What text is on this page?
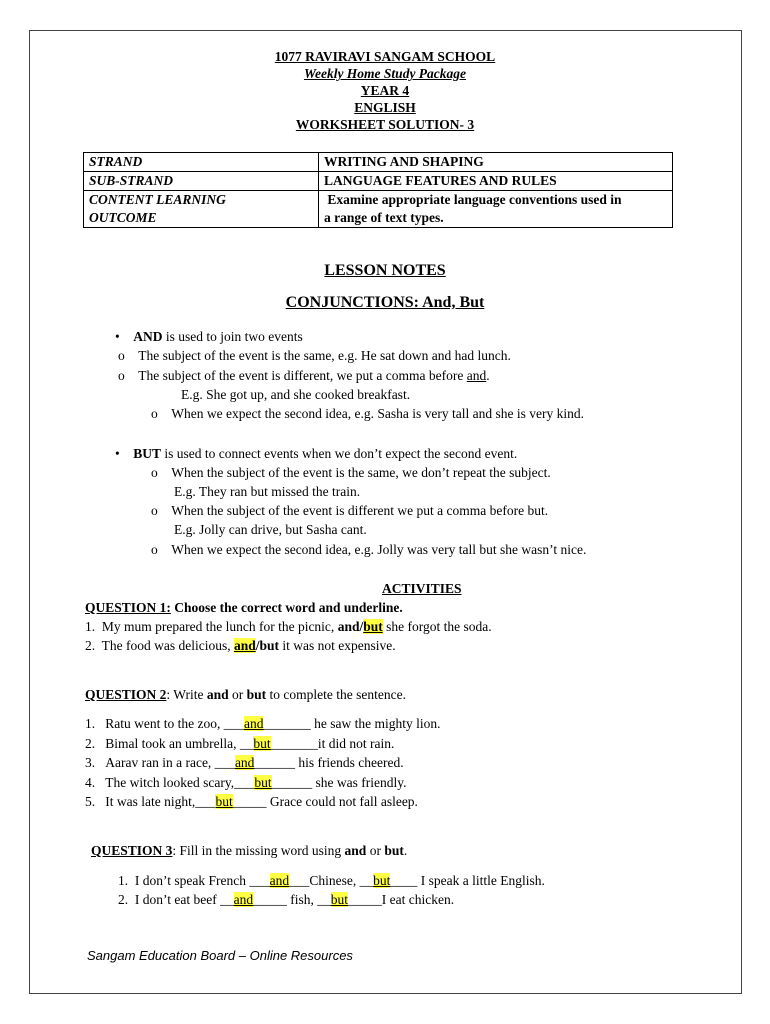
1077 RAVIRAVI SANGAM SCHOOL
Weekly Home Study Package
YEAR 4
ENGLISH
WORKSHEET SOLUTION- 3
STRAND	WRITING AND SHAPING
SUB-STRAND	LANGUAGE FEATURES AND RULES
CONTENT LEARNING	Examine appropriate language conventions used in
OUTCOME	a range of text types.
LESSON NOTES
CONJUNCTIONS: And, But
•    AND is used to join two events
o    The subject of the event is the same, e.g. He sat down and had lunch.
o    The subject of the event is different, we put a comma before and.
E.g. She got up, and she cooked breakfast.
o    When we expect the second idea, e.g. Sasha is very tall and she is very kind.
•    BUT is used to connect events when we don’t expect the second event.
o    When the subject of the event is the same, we don’t repeat the subject.
E.g. They ran but missed the train.
o    When the subject of the event is different we put a comma before but.
E.g. Jolly can drive, but Sasha cant.
o    When we expect the second idea, e.g. Jolly was very tall but she wasn’t nice.
ACTIVITIES
QUESTION 1: Choose the correct word and underline.
1.  My mum prepared the lunch for the picnic, and/but she forgot the soda.
2.  The food was delicious, and/but it was not expensive.
QUESTION 2: Write and or but to complete the sentence.
1. Ratu went to the zoo, ___and_______ he saw the mighty lion.
2. Bimal took an umbrella, __but_______it did not rain.
3. Aarav ran in a race, ___and______ his friends cheered.
4. The witch looked scary,___but______ she was friendly.
5. It was late night,___but_____ Grace could not fall asleep.
QUESTION 3: Fill in the missing word using and or but.
1.  I don’t speak French ___and___Chinese, __but____ I speak a little English.
2.  I don’t eat beef __and_____ fish, __but_____I eat chicken.
Sangam Education Board – Online Resources
